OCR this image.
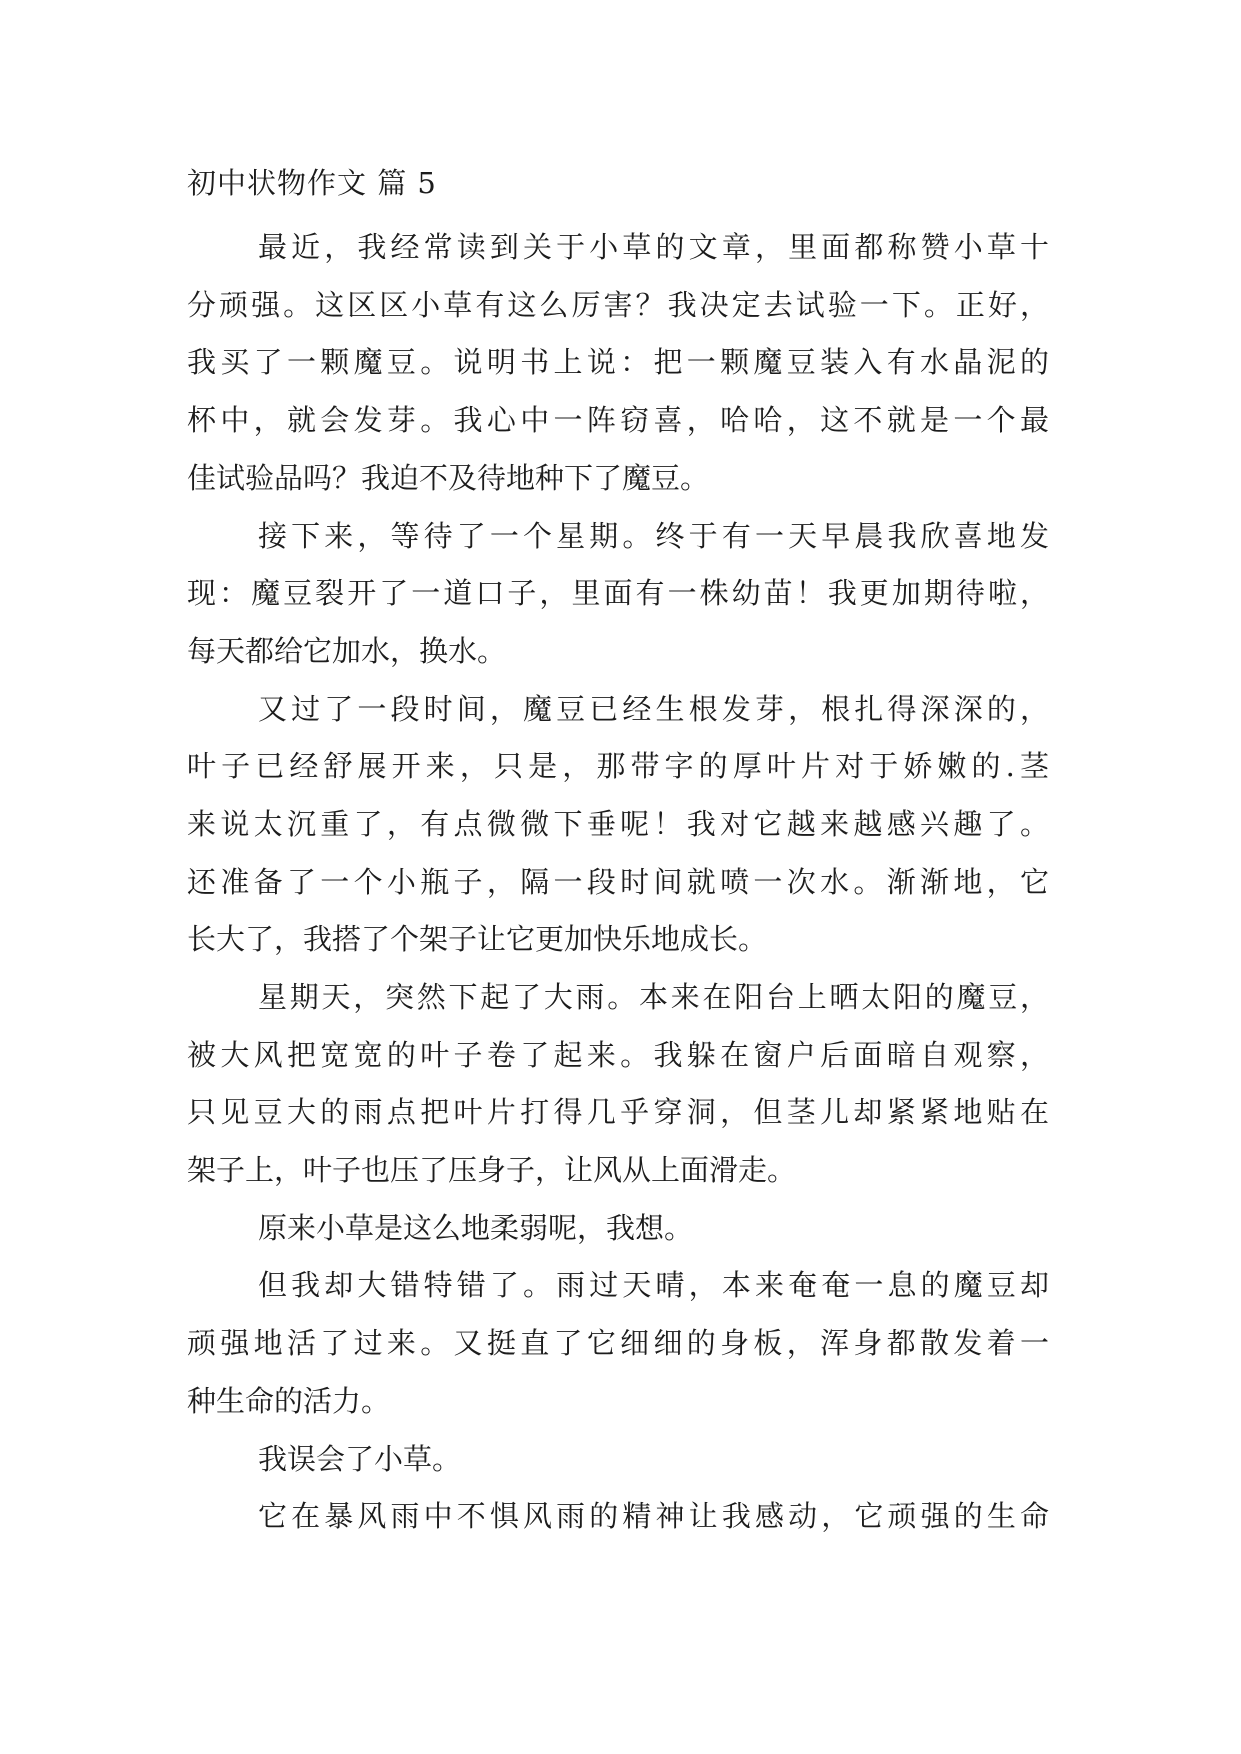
初中状物作文 篇 5
最近，我经常读到关于小草的文章，里面都称赞小草十
分顽强。这区区小草有这么厉害？我决定去试验一下。正好，
我买了一颗魔豆。说明书上说：把一颗魔豆装入有水晶泥的
杯中，就会发芽。我心中一阵窃喜，哈哈，这不就是一个最
佳试验品吗？我迫不及待地种下了魔豆。
接下来，等待了一个星期。终于有一天早晨我欣喜地发
现：魔豆裂开了一道口子，里面有一株幼苗！我更加期待啦，
每天都给它加水，换水。
又过了一段时间，魔豆已经生根发芽，根扎得深深的，
叶子已经舒展开来，只是，那带字的厚叶片对于娇嫩的.茎
来说太沉重了，有点微微下垂呢！我对它越来越感兴趣了。
还准备了一个小瓶子，隔一段时间就喷一次水。渐渐地，它
长大了，我搭了个架子让它更加快乐地成长。
星期天，突然下起了大雨。本来在阳台上晒太阳的魔豆，
被大风把宽宽的叶子卷了起来。我躲在窗户后面暗自观察，
只见豆大的雨点把叶片打得几乎穿洞，但茎儿却紧紧地贴在
架子上，叶子也压了压身子，让风从上面滑走。
原来小草是这么地柔弱呢，我想。
但我却大错特错了。雨过天晴，本来奄奄一息的魔豆却
顽强地活了过来。又挺直了它细细的身板，浑身都散发着一
种生命的活力。
我误会了小草。
它在暴风雨中不惧风雨的精神让我感动，它顽强的生命
